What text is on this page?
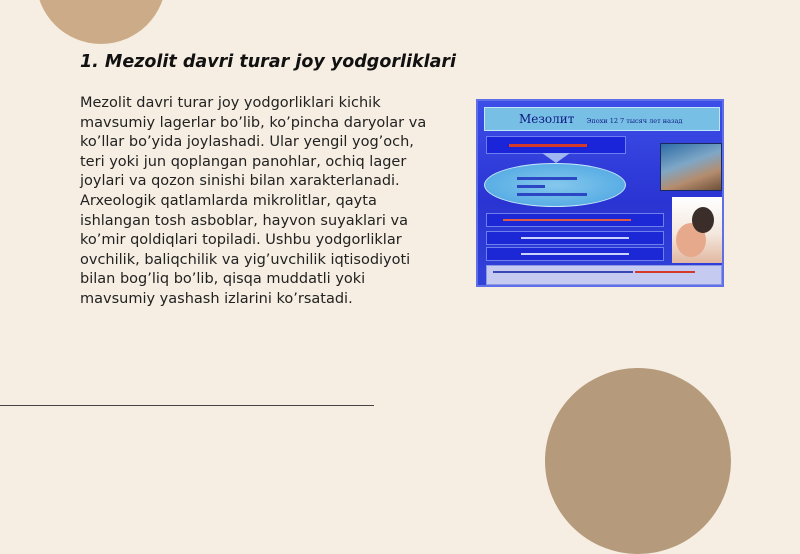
1. Mezolit davri turar joy yodgorliklari

Mezolit davri turar joy yodgorliklari kichik mavsumiy lagerlar bo’lib, ko’pincha daryolar va ko’llar bo’yida joylashadi. Ular yengil yog’och, teri yoki jun qoplangan panohlar, ochiq lager joylari va qozon sinishi bilan xarakterlanadi. Arxeologik qatlamlarda mikrolitlar, qayta ishlangan tosh asboblar, hayvon suyaklari va ko’mir qoldiqlari topiladi. Ushbu yodgorliklar ovchilik, baliqchilik va yig’uvchilik iqtisodiyoti bilan bog’liq bo’lib, qisqa muddatli yoki mavsumiy yashash izlarini ko’rsatadi.

Мезолит Эпохи 12 7 тысяч лет назад
